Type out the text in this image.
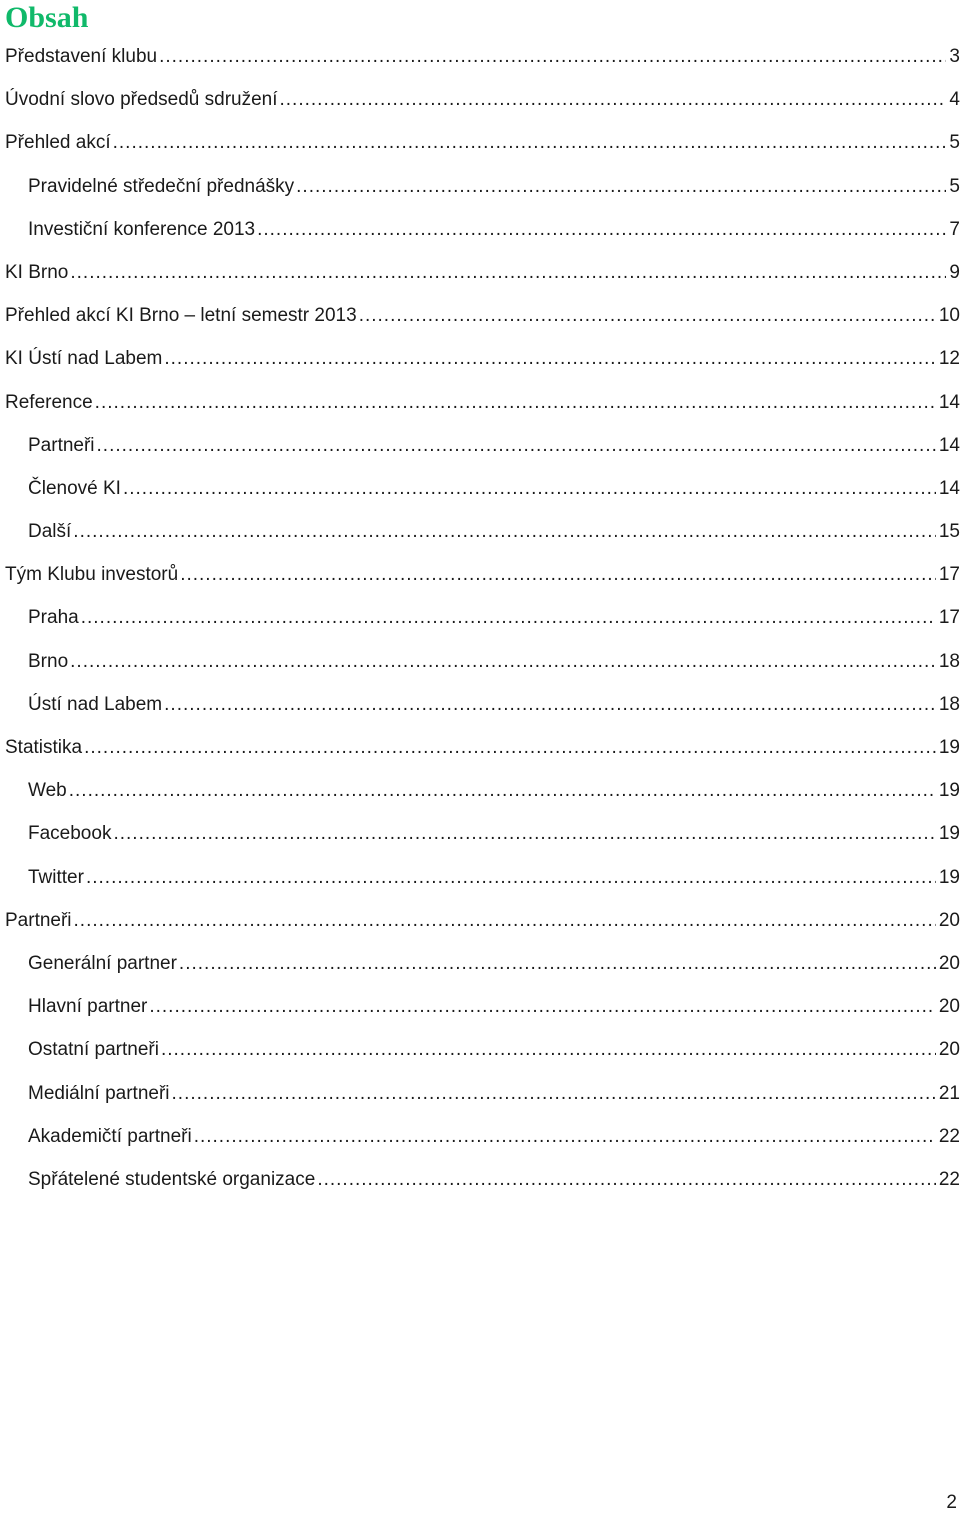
Obsah
Představení klubu .....	3
Úvodní slovo předsedů sdružení .....	4
Přehled akcí .....	5
Pravidelné středeční přednášky .....	5
Investiční konference 2013 .....	7
KI Brno .....	9
Přehled akcí KI Brno – letní semestr 2013 .....	10
KI Ústí nad Labem .....	12
Reference .....	14
Partneři .....	14
Členové KI .....	14
Další .....	15
Tým Klubu investorů .....	17
Praha .....	17
Brno .....	18
Ústí nad Labem .....	18
Statistika .....	19
Web .....	19
Facebook .....	19
Twitter .....	19
Partneři .....	20
Generální partner .....	20
Hlavní partner .....	20
Ostatní partneři .....	20
Mediální partneři .....	21
Akademičtí partneři .....	22
Spřátelené studentské organizace .....	22
2
